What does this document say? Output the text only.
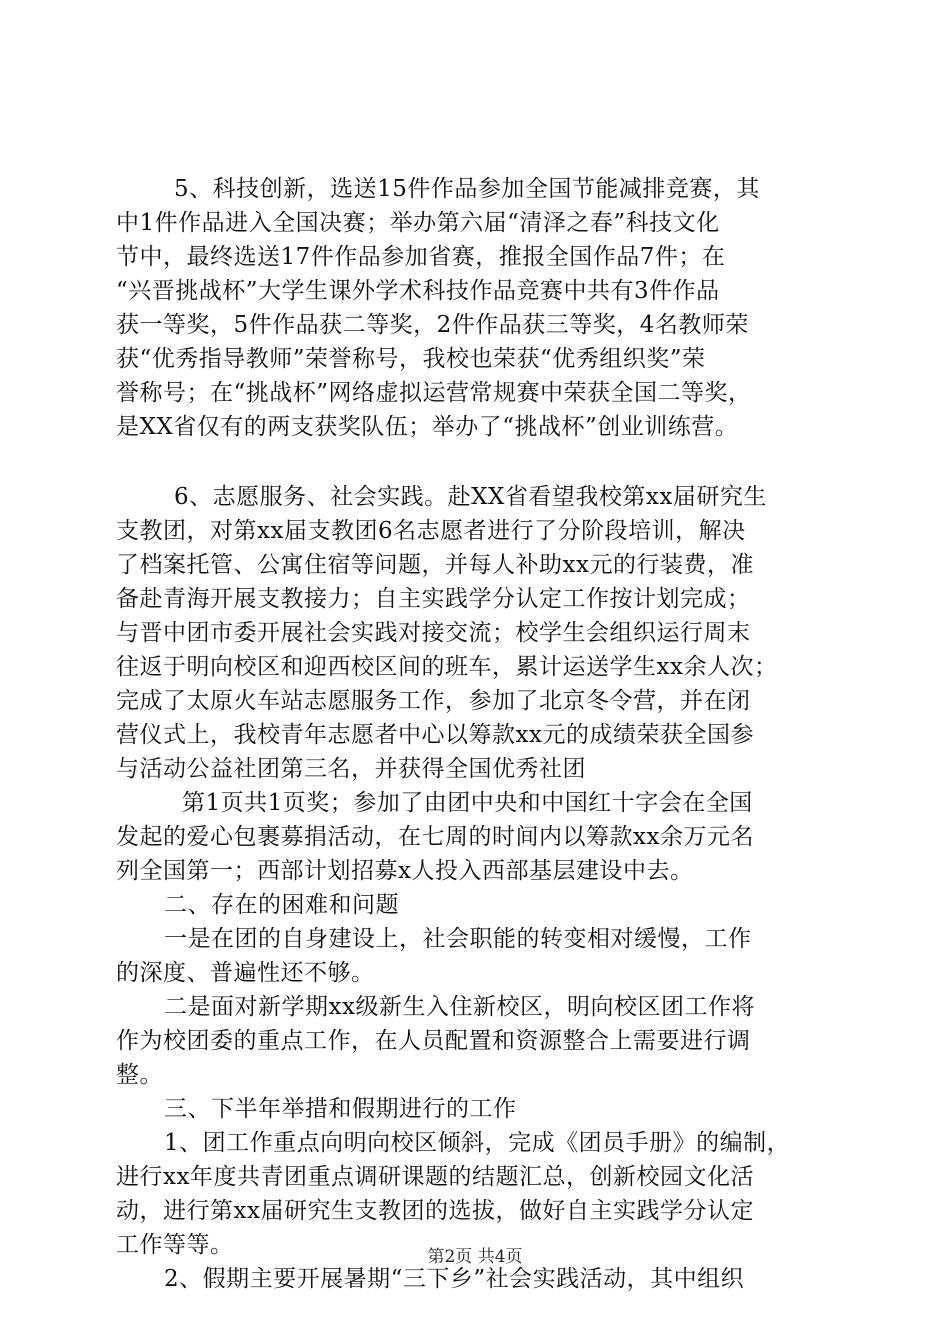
5、科技创新，选送15件作品参加全国节能减排竞赛，其
中1件作品进入全国决赛；举办第六届“清泽之春”科技文化
节中，最终选送17件作品参加省赛，推报全国作品7件；在
“兴晋挑战杯”大学生课外学术科技作品竞赛中共有3件作品
获一等奖，5件作品获二等奖，2件作品获三等奖，4名教师荣
获“优秀指导教师”荣誉称号，我校也荣获“优秀组织奖”荣
誉称号；在“挑战杯”网络虚拟运营常规赛中荣获全国二等奖，
是XX省仅有的两支获奖队伍；举办了“挑战杯”创业训练营。
6、志愿服务、社会实践。赴XX省看望我校第xx届研究生
支教团，对第xx届支教团6名志愿者进行了分阶段培训，解决
了档案托管、公寓住宿等问题，并每人补助xx元的行装费，准
备赴青海开展支教接力；自主实践学分认定工作按计划完成；
与晋中团市委开展社会实践对接交流；校学生会组织运行周末
往返于明向校区和迎西校区间的班车，累计运送学生xx余人次；
完成了太原火车站志愿服务工作，参加了北京冬令营，并在闭
营仪式上，我校青年志愿者中心以筹款xx元的成绩荣获全国参
与活动公益社团第三名，并获得全国优秀社团
第1页共1页奖；参加了由团中央和中国红十字会在全国
发起的爱心包裹募捐活动，在七周的时间内以筹款xx余万元名
列全国第一；西部计划招募x人投入西部基层建设中去。
二、存在的困难和问题
一是在团的自身建设上，社会职能的转变相对缓慢，工作
的深度、普遍性还不够。
二是面对新学期xx级新生入住新校区，明向校区团工作将
作为校团委的重点工作，在人员配置和资源整合上需要进行调
整。
三、下半年举措和假期进行的工作
1、团工作重点向明向校区倾斜，完成《团员手册》的编制，
进行xx年度共青团重点调研课题的结题汇总，创新校园文化活
动，进行第xx届研究生支教团的选拔，做好自主实践学分认定
工作等等。
2、假期主要开展暑期“三下乡”社会实践活动，其中组织
第2页 共4页
